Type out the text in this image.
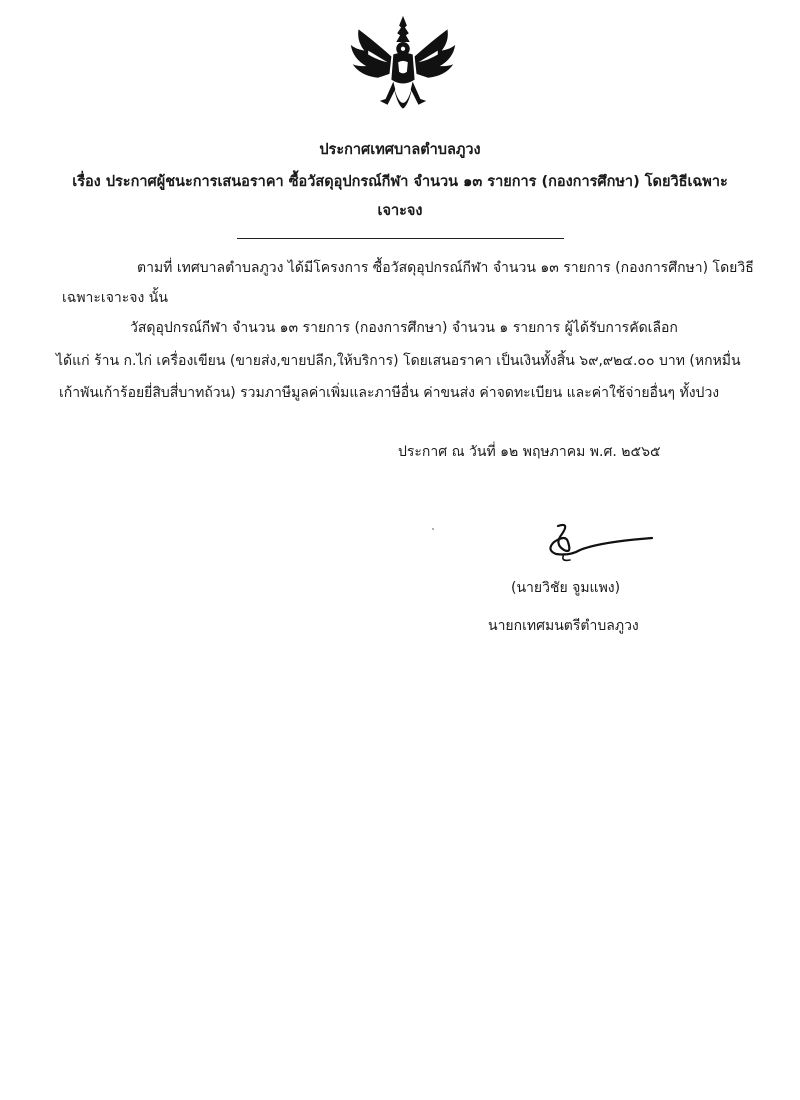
ประกาศเทศบาลตำบลภูวง
เรื่อง ประกาศผู้ชนะการเสนอราคา ซื้อวัสดุอุปกรณ์กีฬา จำนวน ๑๓ รายการ (กองการศึกษา) โดยวิธีเฉพาะ
เจาะจง
ตามที่ เทศบาลตำบลภูวง ได้มีโครงการ ซื้อวัสดุอุปกรณ์กีฬา จำนวน ๑๓ รายการ (กองการศึกษา) โดยวิธี
เฉพาะเจาะจง นั้น
วัสดุอุปกรณ์กีฬา จำนวน ๑๓ รายการ (กองการศึกษา) จำนวน ๑ รายการ ผู้ได้รับการคัดเลือก
ได้แก่ ร้าน ก.ไก่ เครื่องเขียน (ขายส่ง,ขายปลีก,ให้บริการ) โดยเสนอราคา เป็นเงินทั้งสิ้น ๖๙,๙๒๔.๐๐ บาท (หกหมื่น
เก้าพันเก้าร้อยยี่สิบสี่บาทถ้วน) รวมภาษีมูลค่าเพิ่มและภาษีอื่น ค่าขนส่ง ค่าจดทะเบียน และค่าใช้จ่ายอื่นๆ ทั้งปวง
ประกาศ ณ วันที่ ๑๒ พฤษภาคม พ.ศ. ๒๕๖๕
(นายวิชัย จูมแพง)
นายกเทศมนตรีตำบลภูวง
